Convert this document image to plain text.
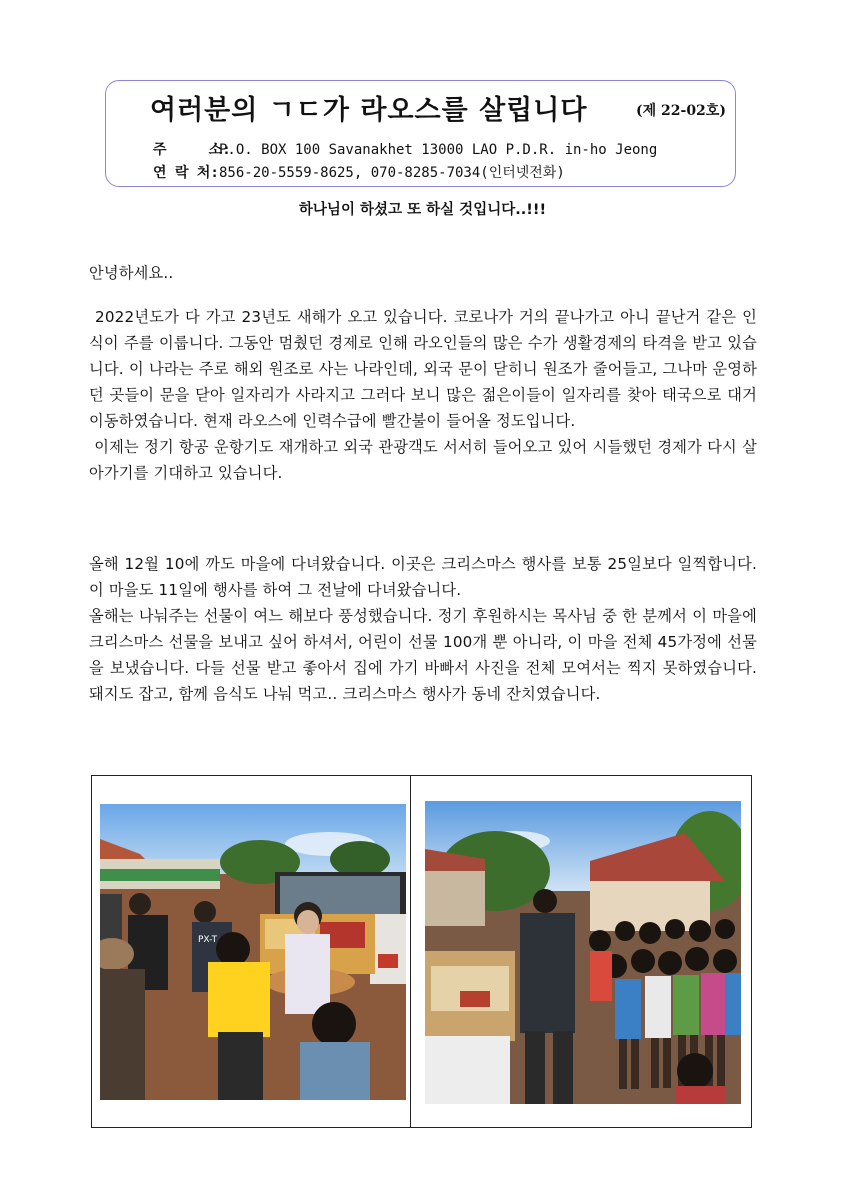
여러분의 ㄱㄷ가 라오스를 살립니다	(제 22-02호)
주     소:P.O. BOX 100 Savanakhet 13000 LAO P.D.R. in-ho Jeong
연 락 처:856-20-5559-8625, 070-8285-7034(인터넷전화)
하나님이 하셨고 또 하실 것입니다..!!!

안녕하세요..

2022년도가 다 가고 23년도 새해가 오고 있습니다. 코로나가 거의 끝나가고 아니 끝난거 같은 인식이 주를 이룹니다. 그동안 멈췄던 경제로 인해 라오인들의 많은 수가 생활경제의 타격을 받고 있습니다. 이 나라는 주로 해외 원조로 사는 나라인데, 외국 문이 닫히니 원조가 줄어들고, 그나마 운영하던 곳들이 문을 닫아 일자리가 사라지고 그러다 보니 많은 젊은이들이 일자리를 찾아 태국으로 대거 이동하였습니다. 현재 라오스에 인력수급에 빨간불이 들어올 정도입니다.

이제는 정기 항공 운항기도 재개하고 외국 관광객도 서서히 들어오고 있어 시들했던 경제가 다시 살아가기를 기대하고 있습니다.

올해 12월 10에 까도 마을에 다녀왔습니다. 이곳은 크리스마스 행사를 보통 25일보다 일찍합니다. 이 마을도 11일에 행사를 하여 그 전날에 다녀왔습니다.

올해는 나눠주는 선물이 여느 해보다 풍성했습니다. 정기 후원하시는 목사님 중 한 분께서 이 마을에 크리스마스 선물을 보내고 싶어 하셔서, 어린이 선물 100개 뿐 아니라, 이 마을 전체 45가정에 선물을 보냈습니다. 다들 선물 받고 좋아서 집에 가기 바빠서 사진을 전체 모여서는 찍지 못하였습니다. 돼지도 잡고, 함께 음식도 나눠 먹고.. 크리스마스 행사가 동네 잔치였습니다.

PX-T
